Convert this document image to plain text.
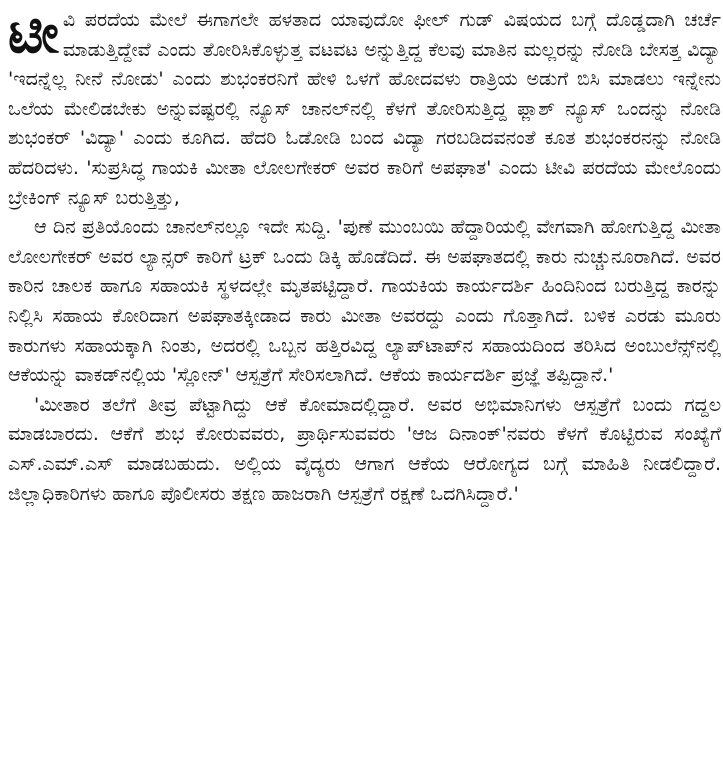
ಟೀ ವಿ ಪರದೆಯ ಮೇಲೆ ಈಗಾಗಲೇ ಹಳತಾದ ಯಾವುದೋ ಫೀಲ್ ಗುಡ್ ವಿಷಯದ ಬಗ್ಗೆ ದೊಡ್ಡದಾಗಿ ಚರ್ಚೆ ಮಾಡುತ್ತಿದ್ದೇವೆ ಎಂದು ತೋರಿಸಿಕೊಳ್ಳುತ್ತ ವಟವಟ ಅನ್ನುತ್ತಿದ್ದ ಕೆಲವು ಮಾತಿನ ಮಲ್ಲರನ್ನು ನೋಡಿ ಬೇಸತ್ತ ವಿದ್ಯಾ 'ಇದನ್ನೆಲ್ಲ ನೀನೆ ನೋಡು' ಎಂದು ಶುಭಂಕರನಿಗೆ ಹೇಳಿ ಒಳಗೆ ಹೋದವಳು ರಾತ್ರಿಯ ಅಡುಗೆ ಬಿಸಿ ಮಾಡಲು ಇನ್ನೇನು ಒಲೆಯ ಮೇಲಿಡಬೇಕು ಅನ್ನುವಷ್ಟರಲ್ಲಿ ನ್ಯೂಸ್ ಚಾನಲ್‌ನಲ್ಲಿ ಕೆಳಗೆ ತೋರಿಸುತ್ತಿದ್ದ ಫ್ಲಾಶ್ ನ್ಯೂಸ್ ಒಂದನ್ನು ನೋಡಿ ಶುಭಂಕರ್ 'ವಿದ್ಯಾ' ಎಂದು ಕೂಗಿದ. ಹೆದರಿ ಓಡೋಡಿ ಬಂದ ವಿದ್ಯಾ ಗರಬಡಿದವನಂತೆ ಕೂತ ಶುಭಂಕರನನ್ನು ನೋಡಿ ಹೆದರಿದಳು. 'ಸುಪ್ರಸಿದ್ಧ ಗಾಯಕಿ ಮೀತಾ ಲೋಲಗೇಕರ್ ಅವರ ಕಾರಿಗೆ ಅಪಘಾತ' ಎಂದು ಟೀವಿ ಪರದೆಯ ಮೇಲೊಂದು ಬ್ರೇಕಿಂಗ್ ನ್ಯೂಸ್ ಬರುತ್ತಿತ್ತು,

ಆ ದಿನ ಪ್ರತಿಯೊಂದು ಚಾನಲ್‌ನಲ್ಲೂ ಇದೇ ಸುದ್ದಿ. 'ಪುಣೆ ಮುಂಬಯಿ ಹೆದ್ದಾರಿಯಲ್ಲಿ ವೇಗವಾಗಿ ಹೋಗುತ್ತಿದ್ದ ಮೀತಾ ಲೋಲಗೇಕರ್ ಅವರ ಲ್ಯಾನ್ಸರ್ ಕಾರಿಗೆ ಟ್ರಕ್ ಒಂದು ಡಿಕ್ಕಿ ಹೊಡೆದಿದೆ. ಈ ಅಪಘಾತದಲ್ಲಿ ಕಾರು ನುಚ್ಚುನೂರಾಗಿದೆ. ಅವರ ಕಾರಿನ ಚಾಲಕ ಹಾಗೂ ಸಹಾಯಕಿ ಸ್ಥಳದಲ್ಲೇ ಮೃತಪಟ್ಟಿದ್ದಾರೆ. ಗಾಯಕಿಯ ಕಾರ್ಯದರ್ಶಿ ಹಿಂದಿನಿಂದ ಬರುತ್ತಿದ್ದ ಕಾರನ್ನು ನಿಲ್ಲಿಸಿ ಸಹಾಯ ಕೋರಿದಾಗ ಅಪಘಾತಕ್ಕೀಡಾದ ಕಾರು ಮೀತಾ ಅವರದ್ದು ಎಂದು ಗೊತ್ತಾಗಿದೆ. ಬಳಿಕ ಎರಡು ಮೂರು ಕಾರುಗಳು ಸಹಾಯಕ್ಕಾಗಿ ನಿಂತು, ಅದರಲ್ಲಿ ಒಬ್ಬನ ಹತ್ತಿರವಿದ್ದ ಲ್ಯಾಪ್‌ಟಾಪ್‌ನ ಸಹಾಯದಿಂದ ತರಿಸಿದ ಅಂಬುಲೆನ್ಸ್‌ನಲ್ಲಿ ಆಕೆಯನ್ನು ವಾಕಡ್‌ನಲ್ಲಿಯ 'ಸ್ಲೋನ್' ಆಸ್ಪತ್ರೆಗೆ ಸೇರಿಸಲಾಗಿದೆ. ಆಕೆಯ ಕಾರ್ಯದರ್ಶಿ ಪ್ರಜ್ಞೆ ತಪ್ಪಿದ್ದಾನೆ.'

'ಮೀತಾರ ತಲೆಗೆ ತೀವ್ರ ಪೆಟ್ಟಾಗಿದ್ದು ಆಕೆ ಕೋಮಾದಲ್ಲಿದ್ದಾರೆ. ಅವರ ಅಭಿಮಾನಿಗಳು ಆಸ್ಪತ್ರೆಗೆ ಬಂದು ಗದ್ದಲ ಮಾಡಬಾರದು. ಆಕೆಗೆ ಶುಭ ಕೋರುವವರು, ಪ್ರಾರ್ಥಿಸುವವರು 'ಆಜ ದಿನಾಂಕ್'ನವರು ಕೆಳಗೆ ಕೊಟ್ಟಿರುವ ಸಂಖ್ಯೆಗೆ ಎಸ್.ಎಮ್.ಎಸ್ ಮಾಡಬಹುದು. ಅಲ್ಲಿಯ ವೈದ್ಯರು ಆಗಾಗ ಆಕೆಯ ಆರೋಗ್ಯದ ಬಗ್ಗೆ ಮಾಹಿತಿ ನೀಡಲಿದ್ದಾರೆ. ಜಿಲ್ಲಾಧಿಕಾರಿಗಳು ಹಾಗೂ ಪೊಲೀಸರು ತಕ್ಷಣ ಹಾಜರಾಗಿ ಆಸ್ಪತ್ರೆಗೆ ರಕ್ಷಣೆ ಒದಗಿಸಿದ್ದಾರೆ.'
